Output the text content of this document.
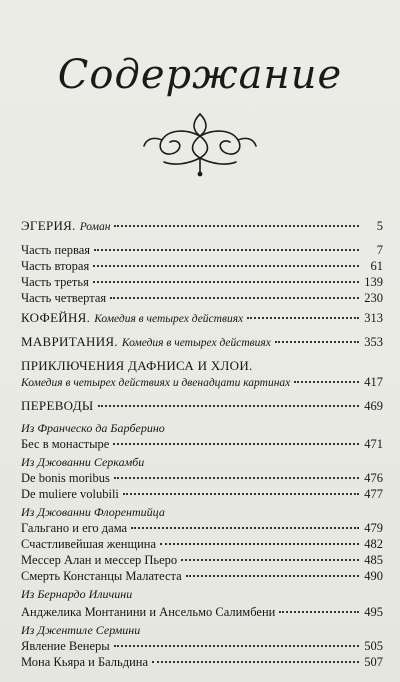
Содержание
ЭГЕРИЯ. Роман	5
Часть первая	7
Часть вторая	61
Часть третья	139
Часть четвертая	230
КОФЕЙНЯ. Комедия в четырех действиях	313
МАВРИТАНИЯ. Комедия в четырех действиях	353
ПРИКЛЮЧЕНИЯ ДАФНИСА И ХЛОИ.
Комедия в четырех действиях и двенадцати картинах	417
ПЕРЕВОДЫ	469
Из Франческо да Барберино
Бес в монастыре	471
Из Джованни Серкамби
De bonis moribus	476
De muliere volubili	477
Из Джованни Флорентийца
Гальгано и его дама	479
Счастливейшая женщина	482
Мессер Алан и мессер Пьеро	485
Смерть Констанцы Малатеста	490
Из Бернардо Иличини
Анджелика Монтанини и Ансельмо Салимбени	495
Из Джентиле Сермини
Явление Венеры	505
Мона Кьяра и Бальдина	507
